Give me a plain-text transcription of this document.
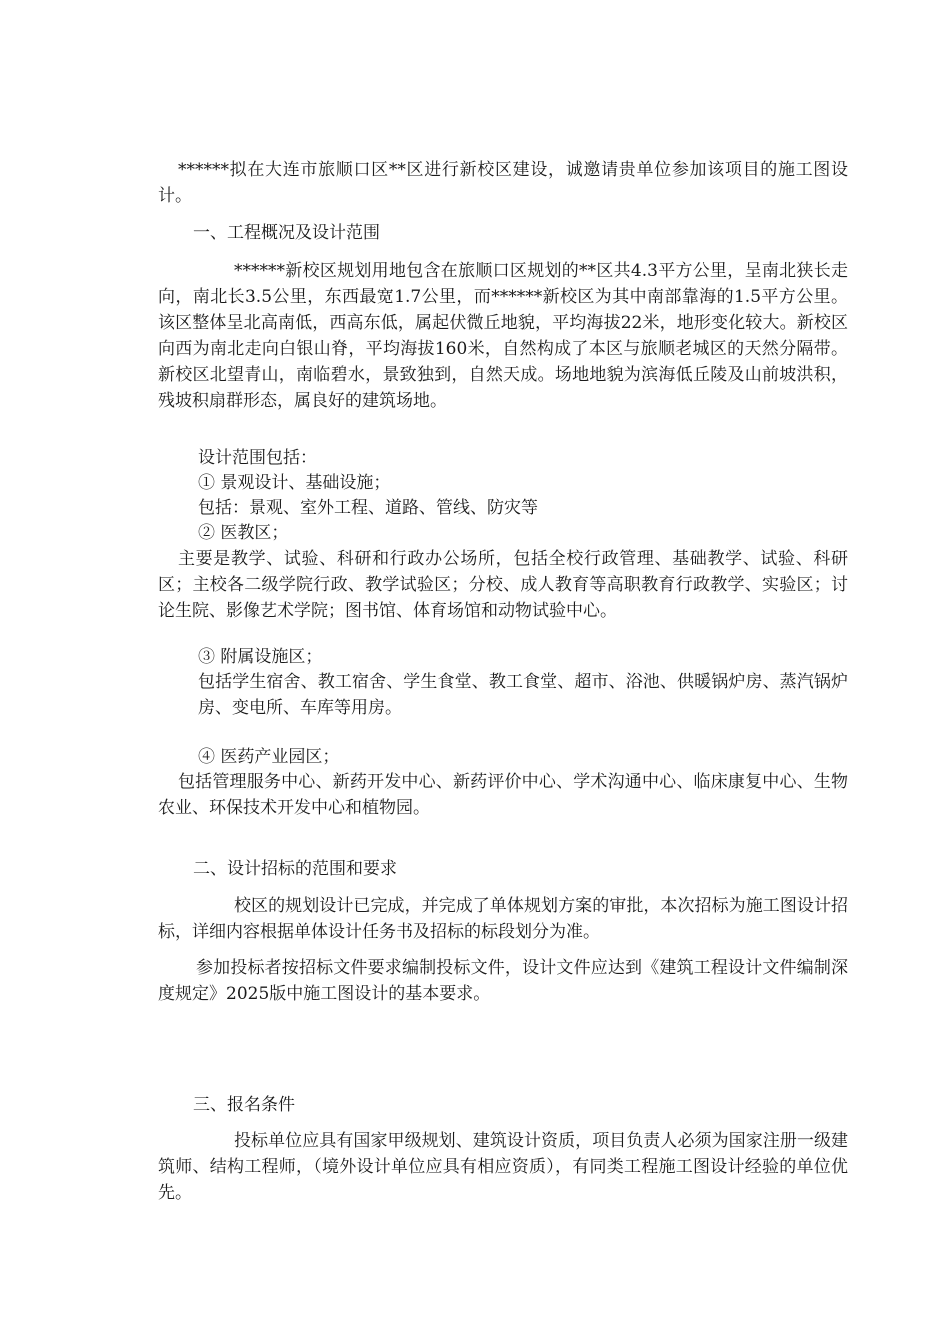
******拟在大连市旅顺口区**区进行新校区建设，诚邀请贵单位参加该项目的施工图设计。

一、工程概况及设计范围

******新校区规划用地包含在旅顺口区规划的**区共4.3平方公里，呈南北狭长走向，南北长3.5公里，东西最宽1.7公里，而******新校区为其中南部靠海的1.5平方公里。该区整体呈北高南低，西高东低，属起伏微丘地貌，平均海拔22米，地形变化较大。新校区向西为南北走向白银山脊，平均海拔160米，自然构成了本区与旅顺老城区的天然分隔带。新校区北望青山，南临碧水，景致独到，自然天成。场地地貌为滨海低丘陵及山前坡洪积，残坡积扇群形态，属良好的建筑场地。

设计范围包括：

① 景观设计、基础设施；

包括：景观、室外工程、道路、管线、防灾等

② 医教区；

主要是教学、试验、科研和行政办公场所，包括全校行政管理、基础教学、试验、科研区；主校各二级学院行政、教学试验区；分校、成人教育等高职教育行政教学、实验区；讨论生院、影像艺术学院；图书馆、体育场馆和动物试验中心。

③ 附属设施区；

包括学生宿舍、教工宿舍、学生食堂、教工食堂、超市、浴池、供暖锅炉房、蒸汽锅炉房、变电所、车库等用房。

④ 医药产业园区；

包括管理服务中心、新药开发中心、新药评价中心、学术沟通中心、临床康复中心、生物农业、环保技术开发中心和植物园。

二、设计招标的范围和要求

校区的规划设计已完成，并完成了单体规划方案的审批，本次招标为施工图设计招标，详细内容根据单体设计任务书及招标的标段划分为准。

参加投标者按招标文件要求编制投标文件，设计文件应达到《建筑工程设计文件编制深度规定》2025版中施工图设计的基本要求。

三、报名条件

投标单位应具有国家甲级规划、建筑设计资质，项目负责人必须为国家注册一级建筑师、结构工程师，（境外设计单位应具有相应资质），有同类工程施工图设计经验的单位优先。
